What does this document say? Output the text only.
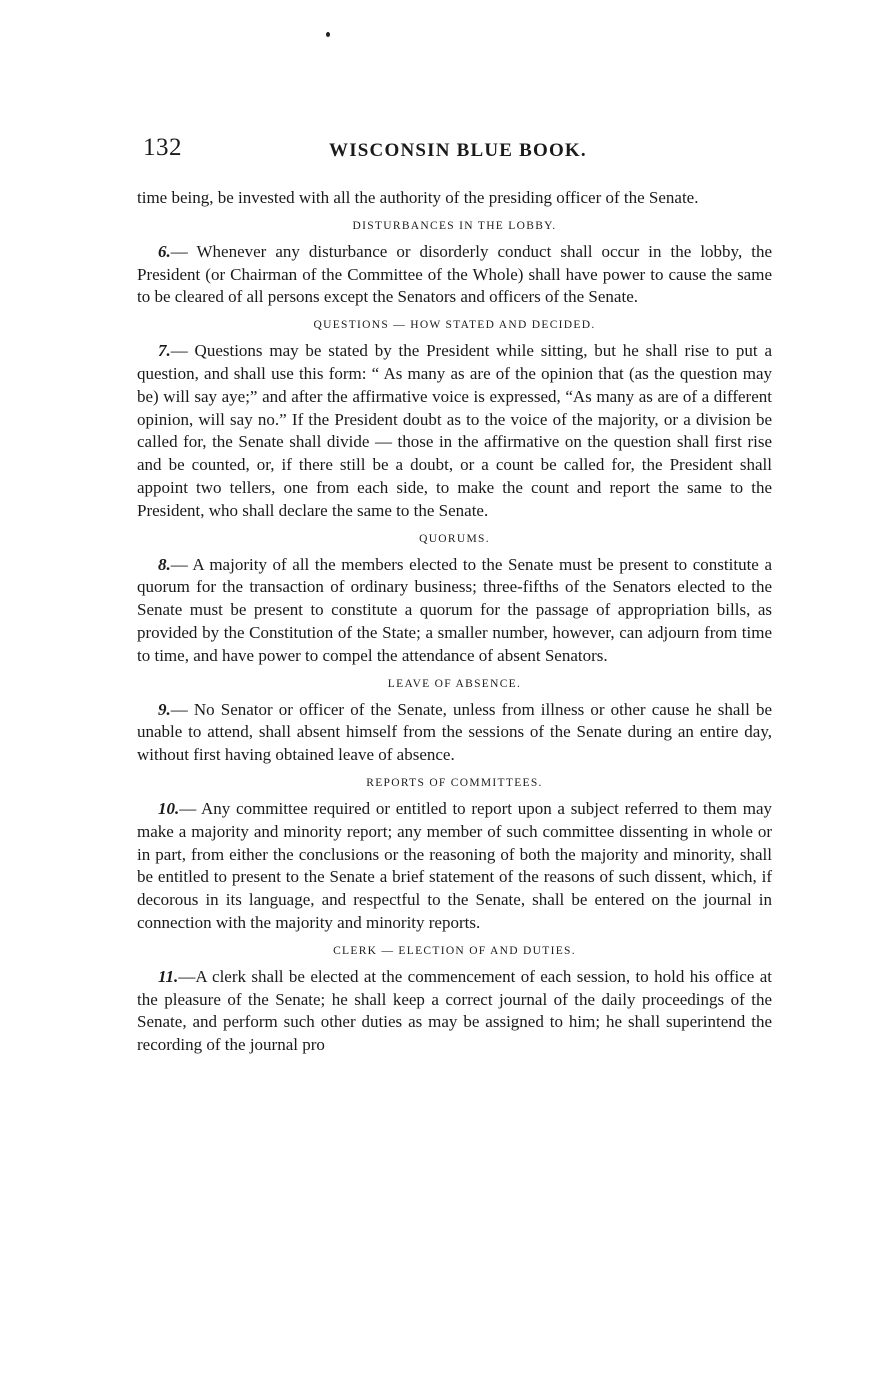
132	WISCONSIN BLUE BOOK.

time being, be invested with all the authority of the presiding officer of the Senate.

DISTURBANCES IN THE LOBBY.

6.— Whenever any disturbance or disorderly conduct shall occur in the lobby, the President (or Chairman of the Committee of the Whole) shall have power to cause the same to be cleared of all persons except the Senators and officers of the Senate.

QUESTIONS — HOW STATED AND DECIDED.

7.— Questions may be stated by the President while sitting, but he shall rise to put a question, and shall use this form: “ As many as are of the opinion that (as the question may be) will say aye;” and after the affirmative voice is expressed, “As many as are of a different opinion, will say no.” If the President doubt as to the voice of the majority, or a division be called for, the Senate shall divide — those in the affirmative on the question shall first rise and be counted, or, if there still be a doubt, or a count be called for, the President shall appoint two tellers, one from each side, to make the count and report the same to the President, who shall declare the same to the Senate.

QUORUMS.

8.— A majority of all the members elected to the Senate must be present to constitute a quorum for the transaction of ordinary business; three-fifths of the Senators elected to the Senate must be present to constitute a quorum for the passage of appropriation bills, as provided by the Constitution of the State; a smaller number, however, can adjourn from time to time, and have power to compel the attendance of absent Senators.

LEAVE OF ABSENCE.

9.— No Senator or officer of the Senate, unless from illness or other cause he shall be unable to attend, shall absent himself from the sessions of the Senate during an entire day, without first having obtained leave of absence.

REPORTS OF COMMITTEES.

10.— Any committee required or entitled to report upon a subject referred to them may make a majority and minority report; any member of such committee dissenting in whole or in part, from either the conclusions or the reasoning of both the majority and minority, shall be entitled to present to the Senate a brief statement of the reasons of such dissent, which, if decorous in its language, and respectful to the Senate, shall be entered on the journal in connection with the majority and minority reports.

CLERK — ELECTION OF AND DUTIES.

11.—A clerk shall be elected at the commencement of each session, to hold his office at the pleasure of the Senate; he shall keep a correct journal of the daily proceedings of the Senate, and perform such other duties as may be assigned to him; he shall superintend the recording of the journal pro
